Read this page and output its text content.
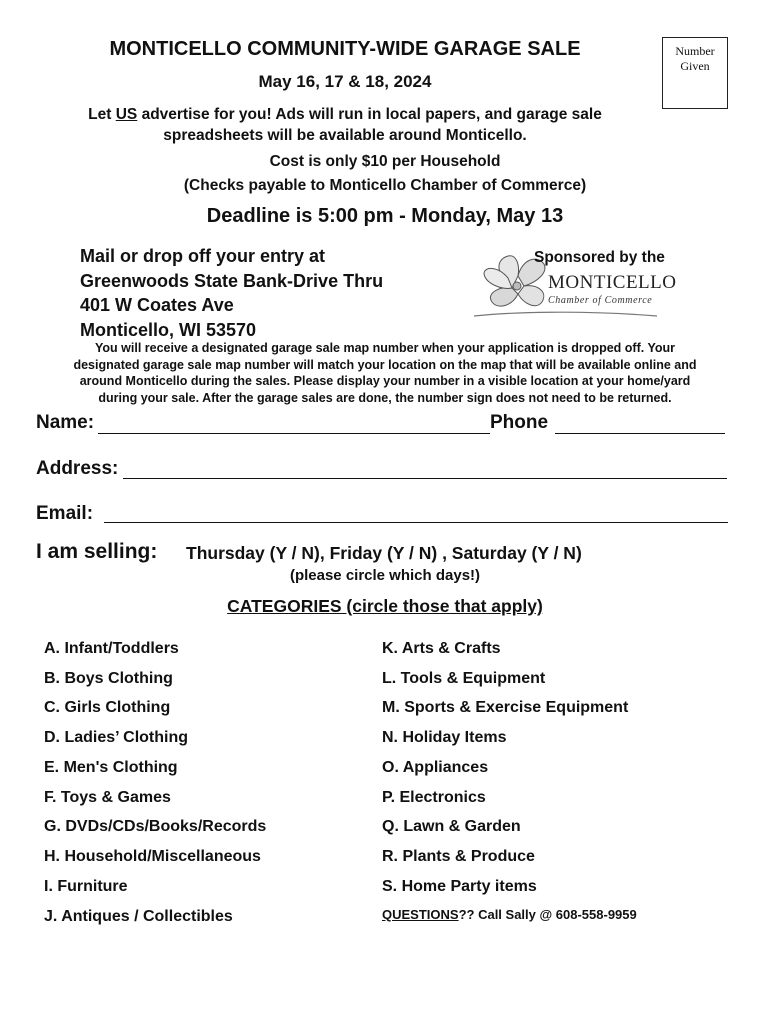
MONTICELLO COMMUNITY-WIDE GARAGE SALE
May 16, 17 & 18, 2024
Number
Given
Let US advertise for you! Ads will run in local papers, and garage sale
spreadsheets will be available around Monticello.
Cost is only $10 per Household
(Checks payable to Monticello Chamber of Commerce)
Deadline is 5:00 pm - Monday, May 13
Mail or drop off your entry at
Greenwoods State Bank-Drive Thru
401 W Coates Ave
Monticello, WI 53570
Sponsored by the
MONTICELLO
Chamber of Commerce
You will receive a designated garage sale map number when your application is dropped off. Your
designated garage sale map number will match your location on the map that will be available online and
around Monticello during the sales. Please display your number in a visible location at your home/yard
during your sale. After the garage sales are done, the number sign does not need to be returned.
Name:	Phone
Address:
Email:
I am selling: Thursday (Y / N), Friday (Y / N) , Saturday (Y / N)
(please circle which days!)
CATEGORIES (circle those that apply)
A. Infant/Toddlers
B. Boys Clothing
C. Girls Clothing
D. Ladies’ Clothing
E. Men's Clothing
F. Toys & Games
G. DVDs/CDs/Books/Records
H. Household/Miscellaneous
I. Furniture
J. Antiques / Collectibles
K. Arts & Crafts
L. Tools & Equipment
M. Sports & Exercise Equipment
N. Holiday Items
O. Appliances
P. Electronics
Q. Lawn & Garden
R. Plants & Produce
S. Home Party items
QUESTIONS?? Call Sally @ 608-558-9959
